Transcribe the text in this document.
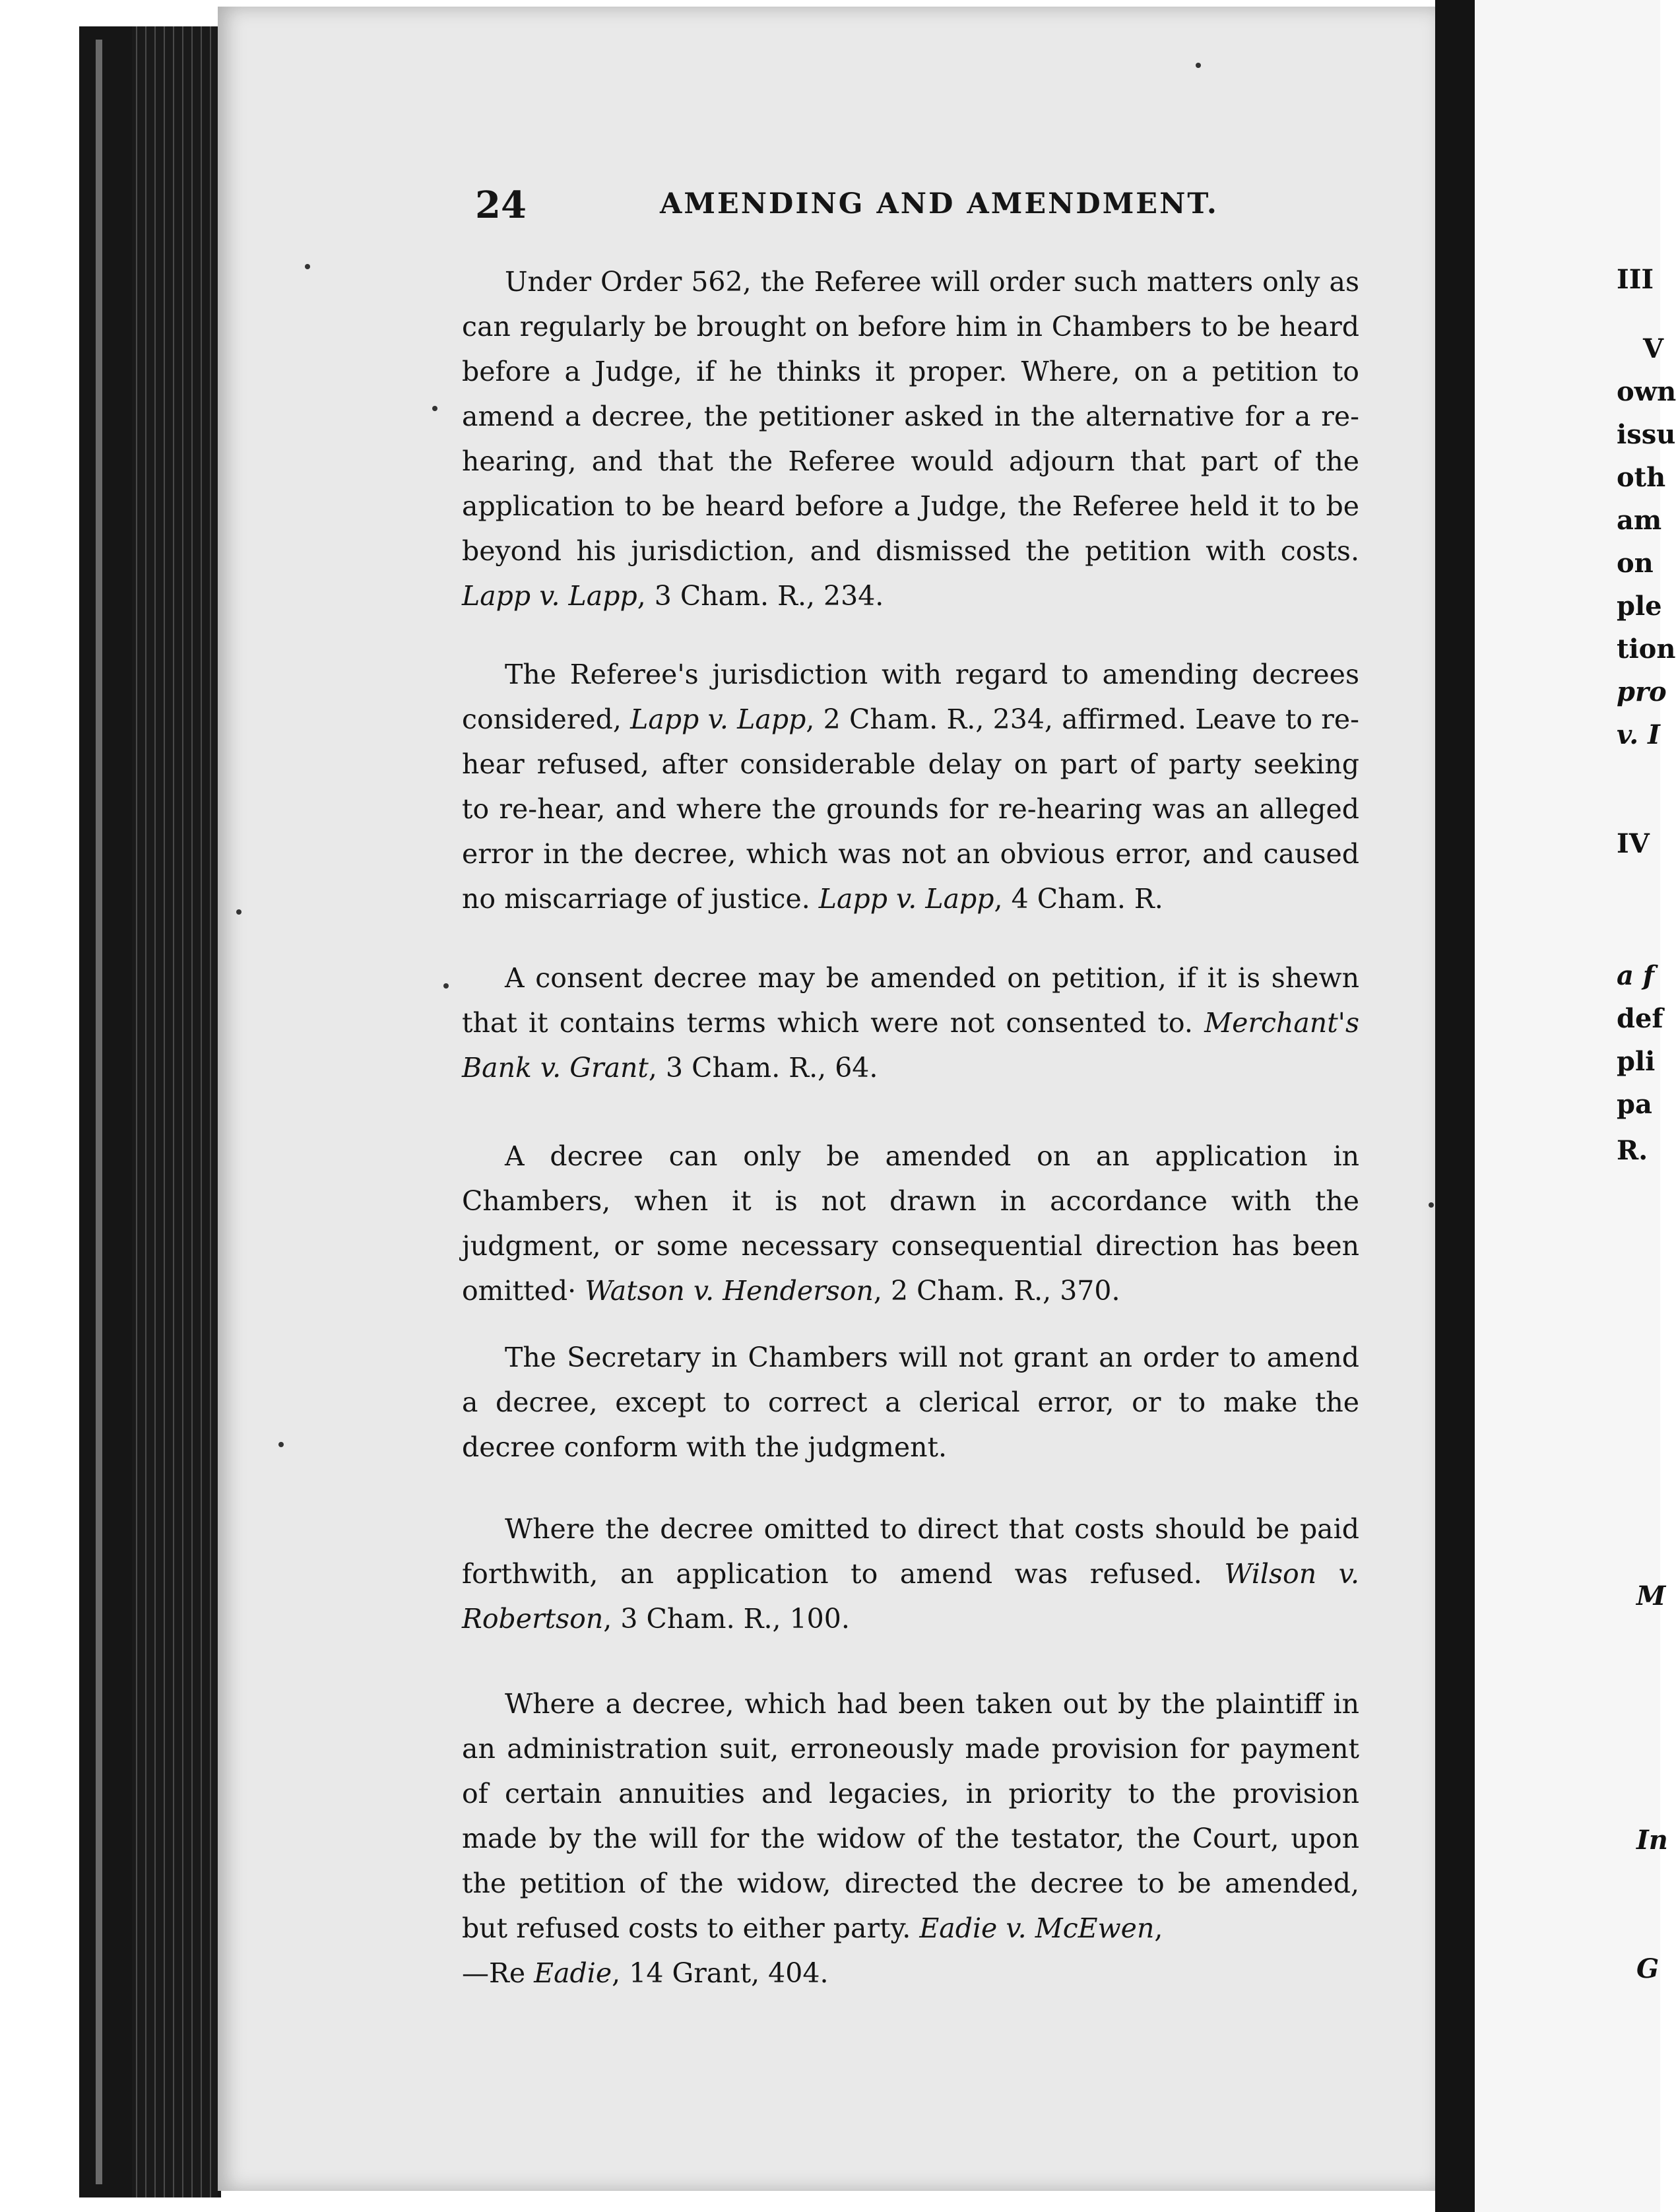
24	AMENDING AND AMENDMENT.

Under Order 562, the Referee will order such matters only as can regularly be brought on before him in Chambers to be heard before a Judge, if he thinks it proper. Where, on a petition to amend a decree, the petitioner asked in the alternative for a re-hearing, and that the Referee would adjourn that part of the application to be heard before a Judge, the Referee held it to be beyond his jurisdiction, and dismissed the petition with costs. Lapp v. Lapp, 3 Cham. R., 234.

The Referee's jurisdiction with regard to amending decrees considered, Lapp v. Lapp, 2 Cham. R., 234, affirmed. Leave to re-hear refused, after considerable delay on part of party seeking to re-hear, and where the grounds for re-hearing was an alleged error in the decree, which was not an obvious error, and caused no miscarriage of justice. Lapp v. Lapp, 4 Cham. R.

A consent decree may be amended on petition, if it is shewn that it contains terms which were not consented to. Merchant's Bank v. Grant, 3 Cham. R., 64.

A decree can only be amended on an application in Chambers, when it is not drawn in accordance with the judgment, or some necessary consequential direction has been omitted· Watson v. Henderson, 2 Cham. R., 370.

The Secretary in Chambers will not grant an order to amend a decree, except to correct a clerical error, or to make the decree conform with the judgment.

Where the decree omitted to direct that costs should be paid forthwith, an application to amend was refused. Wilson v. Robertson, 3 Cham. R., 100.

Where a decree, which had been taken out by the plaintiff in an administration suit, erroneously made provision for payment of certain annuities and legacies, in priority to the provision made by the will for the widow of the testator, the Court, upon the petition of the widow, directed the decree to be amended, but refused costs to either party. Eadie v. McEwen,
—Re Eadie, 14 Grant, 404.

III
V
own
issu
oth
am
on
ple
tion
pro
v. I
IV
a f
def
pli
pa
R.
M
In
G
